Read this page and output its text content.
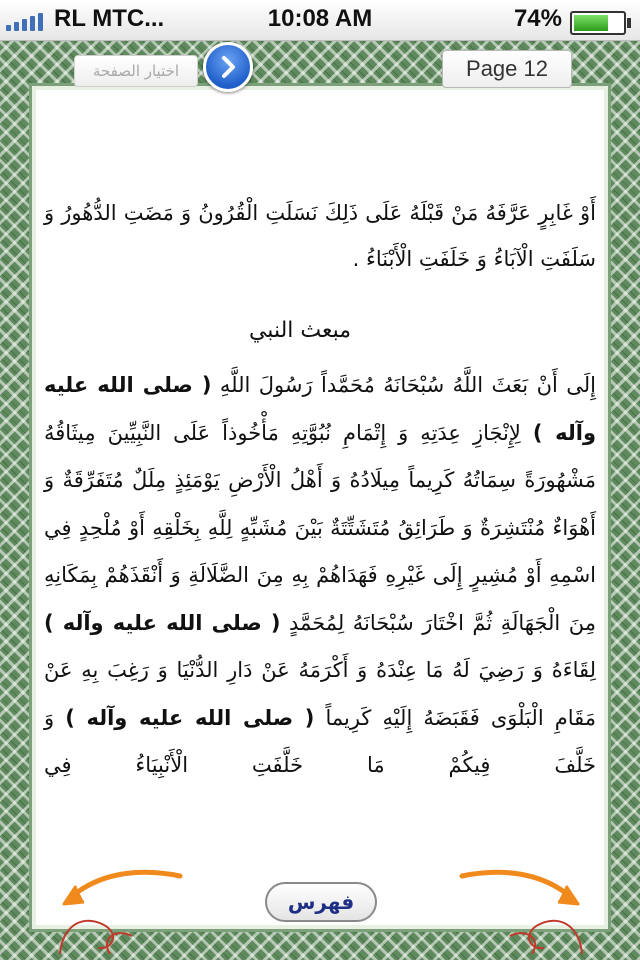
RL MTC...	10:08 AM	74%
اختيار الصفحة	Page 12
أَوْ غَابِرٍ عَرَّفَهُ مَنْ قَبْلَهُ عَلَى ذَلِكَ نَسَلَتِ الْقُرُونُ وَ مَضَتِ الدُّهُورُ وَ سَلَفَتِ الْآبَاءُ وَ خَلَفَتِ الْأَبْنَاءُ .
مبعث النبي
إِلَى أَنْ بَعَثَ اللَّهُ سُبْحَانَهُ مُحَمَّداً رَسُولَ اللَّهِ ( صلى الله عليه وآله ) لِإِنْجَازِ عِدَتِهِ وَ إِتْمَامِ نُبُوَّتِهِ مَأْخُوذاً عَلَى النَّبِيِّينَ مِيثَاقُهُ مَشْهُورَةً سِمَاتُهُ كَرِيماً مِيلَادُهُ وَ أَهْلُ الْأَرْضِ يَوْمَئِذٍ مِلَلٌ مُتَفَرِّقَةٌ وَ أَهْوَاءٌ مُنْتَشِرَةٌ وَ طَرَائِقُ مُتَشَتِّتَةٌ بَيْنَ مُشَبِّهٍ لِلَّهِ بِخَلْقِهِ أَوْ مُلْحِدٍ فِي اسْمِهِ أَوْ مُشِيرٍ إِلَى غَيْرِهِ فَهَدَاهُمْ بِهِ مِنَ الضَّلَالَةِ وَ أَنْقَذَهُمْ بِمَكَانِهِ مِنَ الْجَهَالَةِ ثُمَّ اخْتَارَ سُبْحَانَهُ لِمُحَمَّدٍ ( صلى الله عليه وآله ) لِقَاءَهُ وَ رَضِيَ لَهُ مَا عِنْدَهُ وَ أَكْرَمَهُ عَنْ دَارِ الدُّنْيَا وَ رَغِبَ بِهِ عَنْ مَقَامِ الْبَلْوَى فَقَبَضَهُ إِلَيْهِ كَرِيماً ( صلى الله عليه وآله ) وَ خَلَّفَ فِيكُمْ مَا خَلَّفَتِ الْأَنْبِيَاءُ فِي
فهرس
